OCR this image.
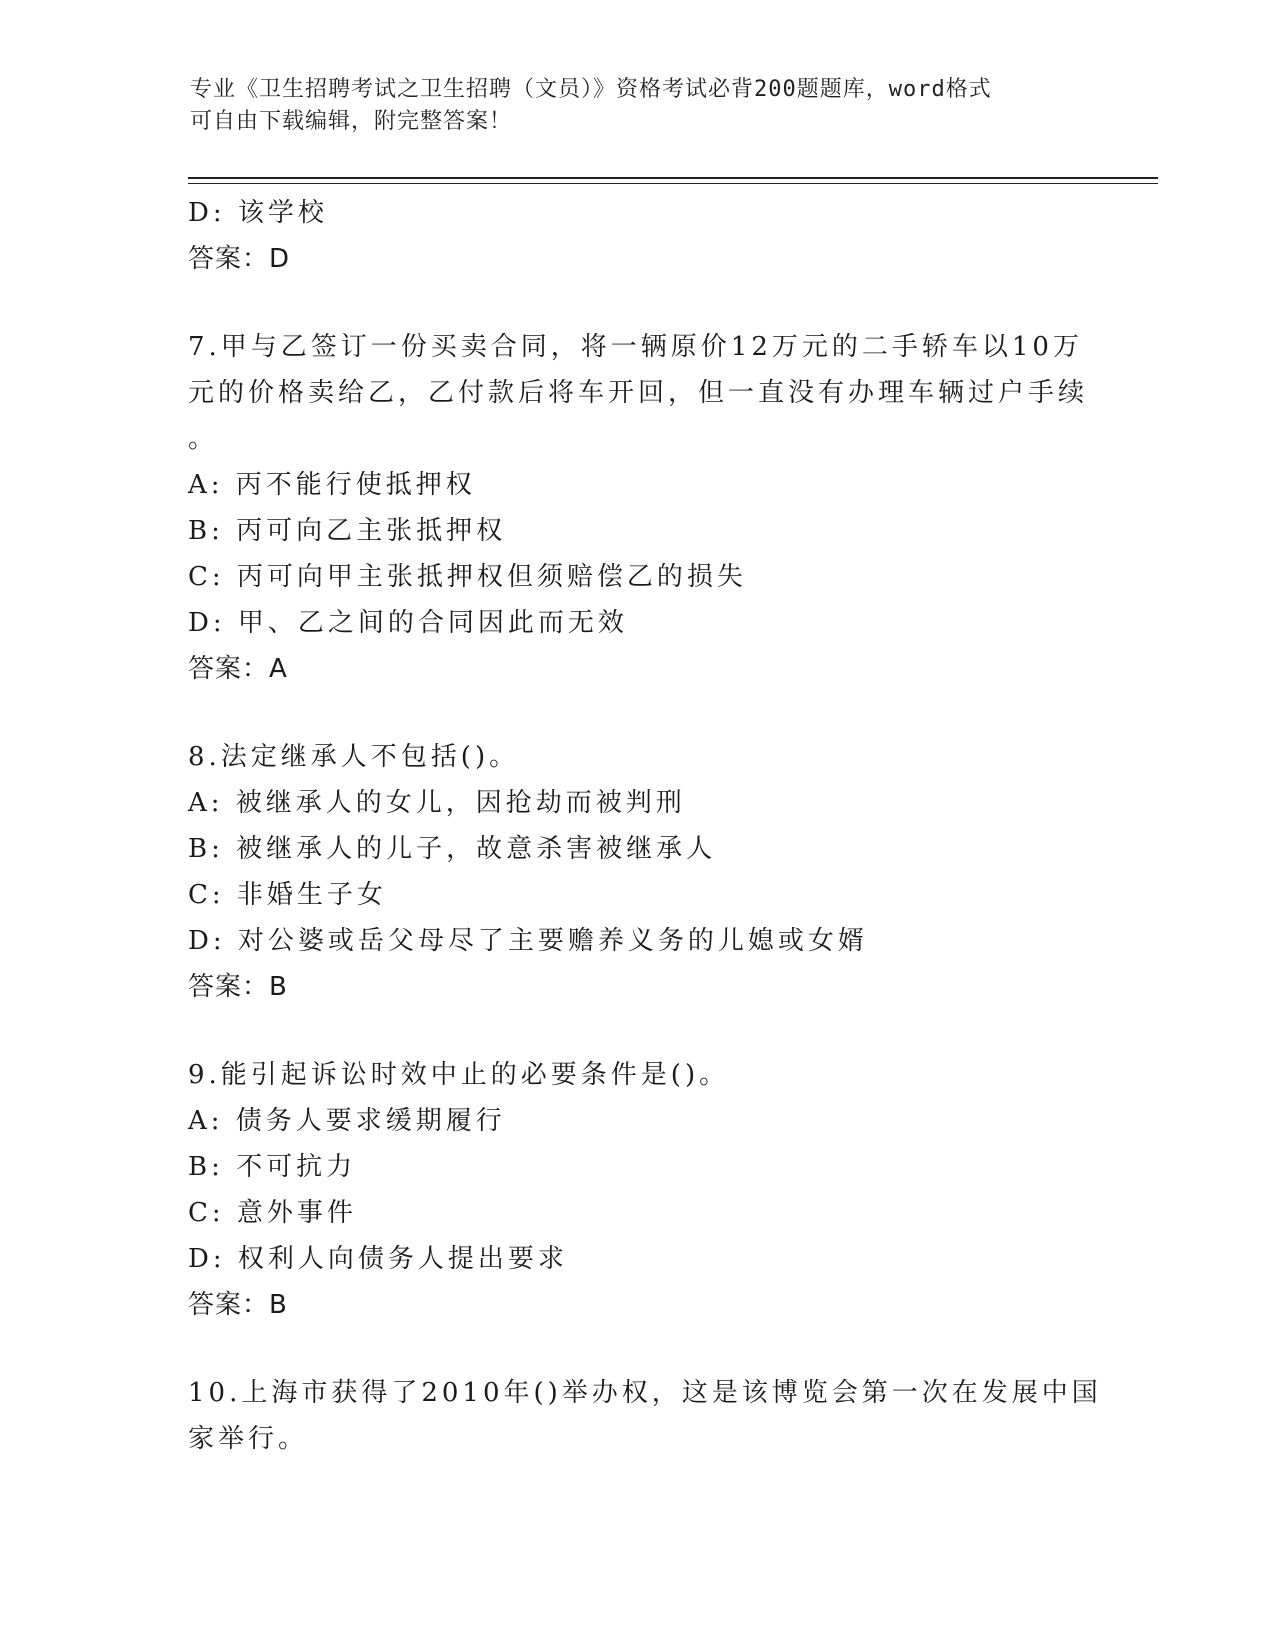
专业《卫生招聘考试之卫生招聘（文员）》资格考试必背200题题库，word格式
可自由下载编辑，附完整答案！
D: 该学校
答案：D
7.甲与乙签订一份买卖合同，将一辆原价12万元的二手轿车以10万
元的价格卖给乙，乙付款后将车开回，但一直没有办理车辆过户手续
。
A: 丙不能行使抵押权
B: 丙可向乙主张抵押权
C: 丙可向甲主张抵押权但须赔偿乙的损失
D: 甲、乙之间的合同因此而无效
答案：A
8.法定继承人不包括()。
A: 被继承人的女儿，因抢劫而被判刑
B: 被继承人的儿子，故意杀害被继承人
C: 非婚生子女
D: 对公婆或岳父母尽了主要赡养义务的儿媳或女婿
答案：B
9.能引起诉讼时效中止的必要条件是()。
A: 债务人要求缓期履行
B: 不可抗力
C: 意外事件
D: 权利人向债务人提出要求
答案：B
10.上海市获得了2010年()举办权，这是该博览会第一次在发展中国
家举行。
